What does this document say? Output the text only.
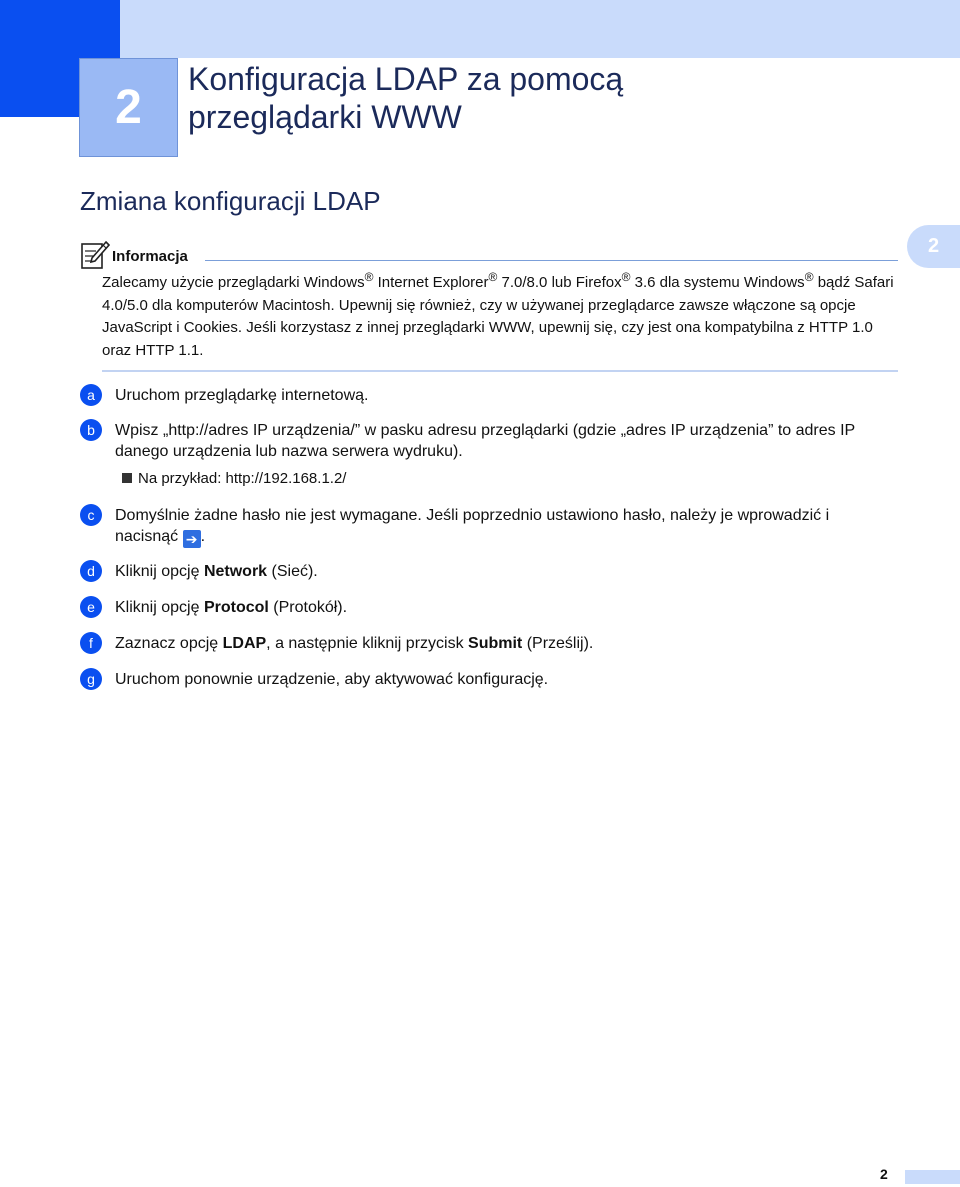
2
Konfiguracja LDAP za pomocą
przeglądarki WWW
Zmiana konfiguracji LDAP
2
Informacja

Zalecamy użycie przeglądarki Windows® Internet Explorer® 7.0/8.0 lub Firefox® 3.6 dla systemu Windows® bądź Safari 4.0/5.0 dla komputerów Macintosh. Upewnij się również, czy w używanej przeglądarce zawsze włączone są opcje JavaScript i Cookies. Jeśli korzystasz z innej przeglądarki WWW, upewnij się, czy jest ona kompatybilna z HTTP 1.0 oraz HTTP 1.1.

a	Uruchom przeglądarkę internetową.
b	Wpisz „http://adres IP urządzenia/” w pasku adresu przeglądarki (gdzie „adres IP urządzenia” to adres IP danego urządzenia lub nazwa serwera wydruku).
Na przykład: http://192.168.1.2/
c	Domyślnie żadne hasło nie jest wymagane. Jeśli poprzednio ustawiono hasło, należy je wprowadzić i nacisnąć ➔ .
d	Kliknij opcję Network (Sieć).
e	Kliknij opcję Protocol (Protokół).
f	Zaznacz opcję LDAP, a następnie kliknij przycisk Submit (Prześlij).
g	Uruchom ponownie urządzenie, aby aktywować konfigurację.
2
